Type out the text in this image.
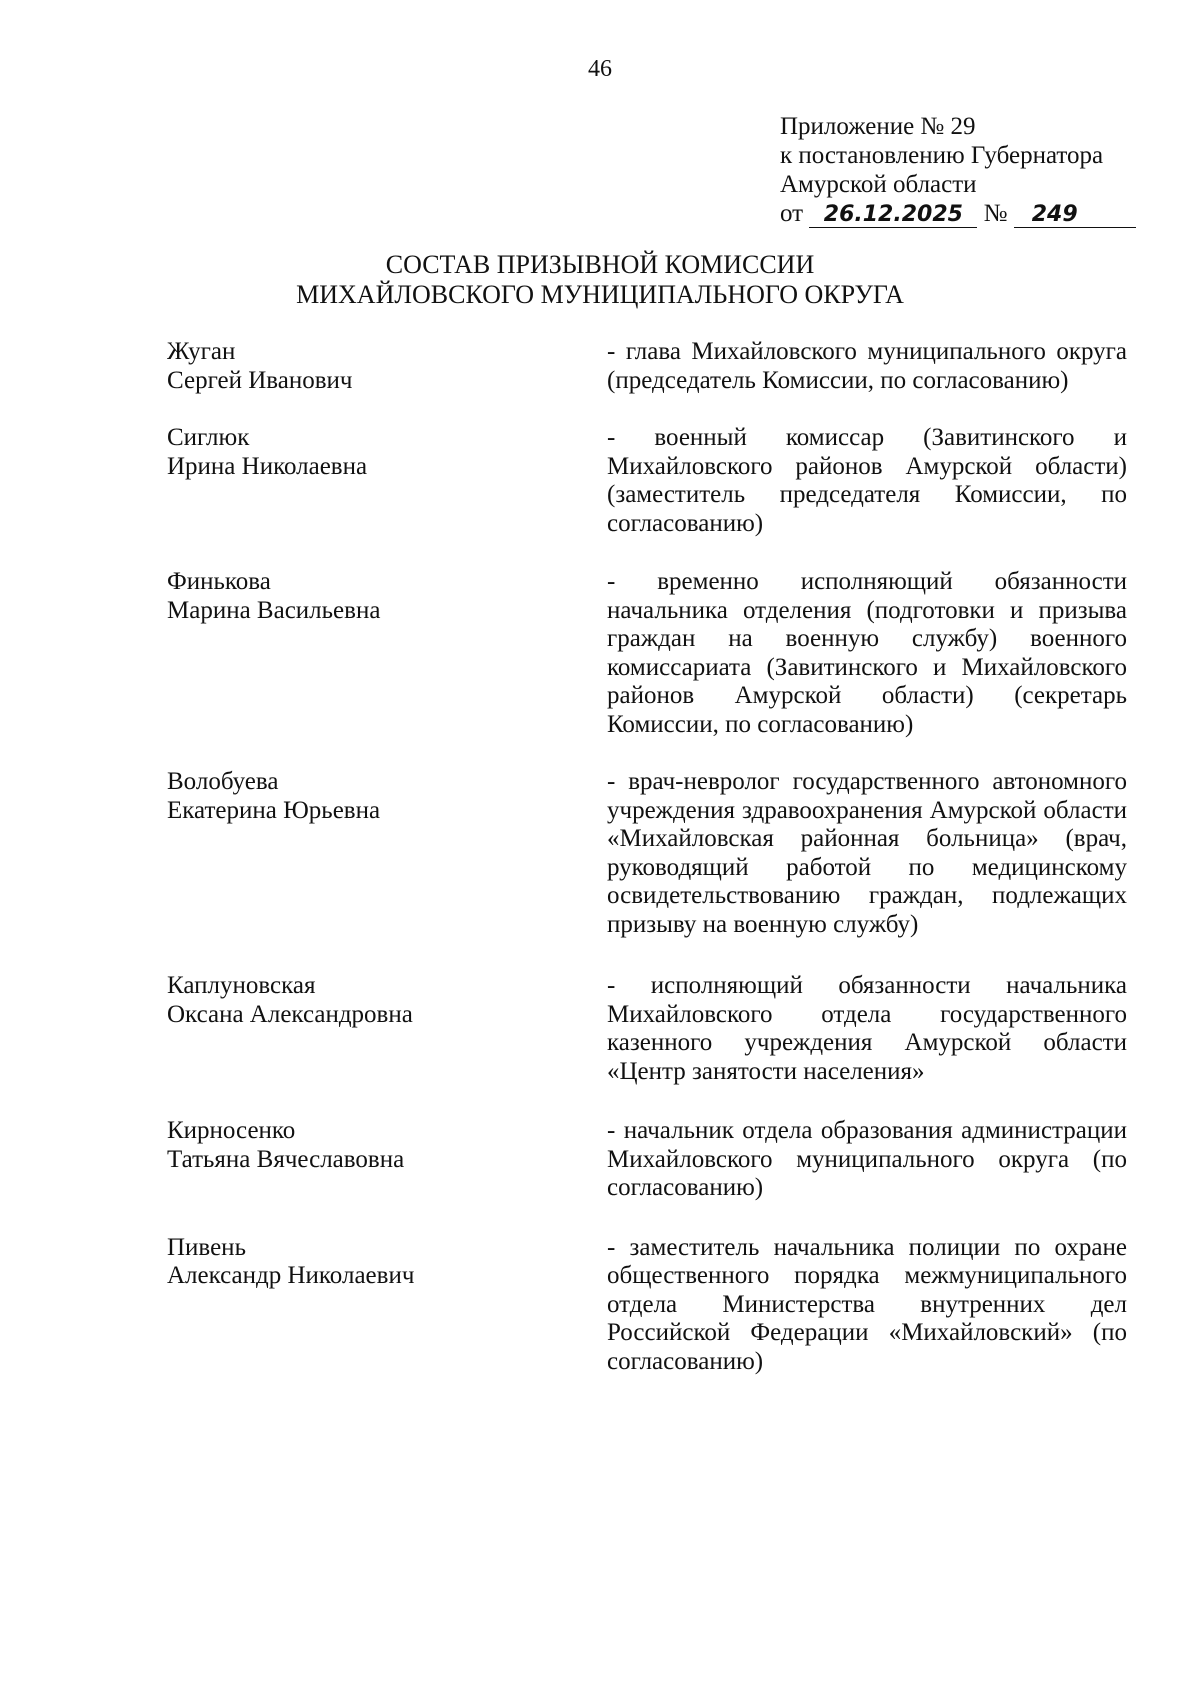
46
Приложение № 29
к постановлению Губернатора
Амурской области
от 26.12.2025 № 249
СОСТАВ ПРИЗЫВНОЙ КОМИССИИ
МИХАЙЛОВСКОГО МУНИЦИПАЛЬНОГО ОКРУГА
Жуган
Сергей Иванович
- глава Михайловского муниципального округа (председатель Комиссии, по согласованию)
Сиглюк
Ирина Николаевна
- военный комиссар (Завитинского и Михайловского районов Амурской области) (заместитель председателя Комиссии, по согласованию)
Финькова
Марина Васильевна
- временно исполняющий обязанности начальника отделения (подготовки и призыва граждан на военную службу) военного комиссариата (Завитинского и Михайловского районов Амурской области) (секретарь Комиссии, по согласованию)
Волобуева
Екатерина Юрьевна
- врач-невролог государственного автономного учреждения здравоохранения Амурской области «Михайловская районная больница» (врач, руководящий работой по медицинскому освидетельствованию граждан, подлежащих призыву на военную службу)
Каплуновская
Оксана Александровна
- исполняющий обязанности начальника Михайловского отдела государственного казенного учреждения Амурской области «Центр занятости населения»
Кирносенко
Татьяна Вячеславовна
- начальник отдела образования администрации Михайловского муниципального округа (по согласованию)
Пивень
Александр Николаевич
- заместитель начальника полиции по охране общественного порядка межмуниципального отдела Министерства внутренних дел Российской Федерации «Михайловский» (по согласованию)
